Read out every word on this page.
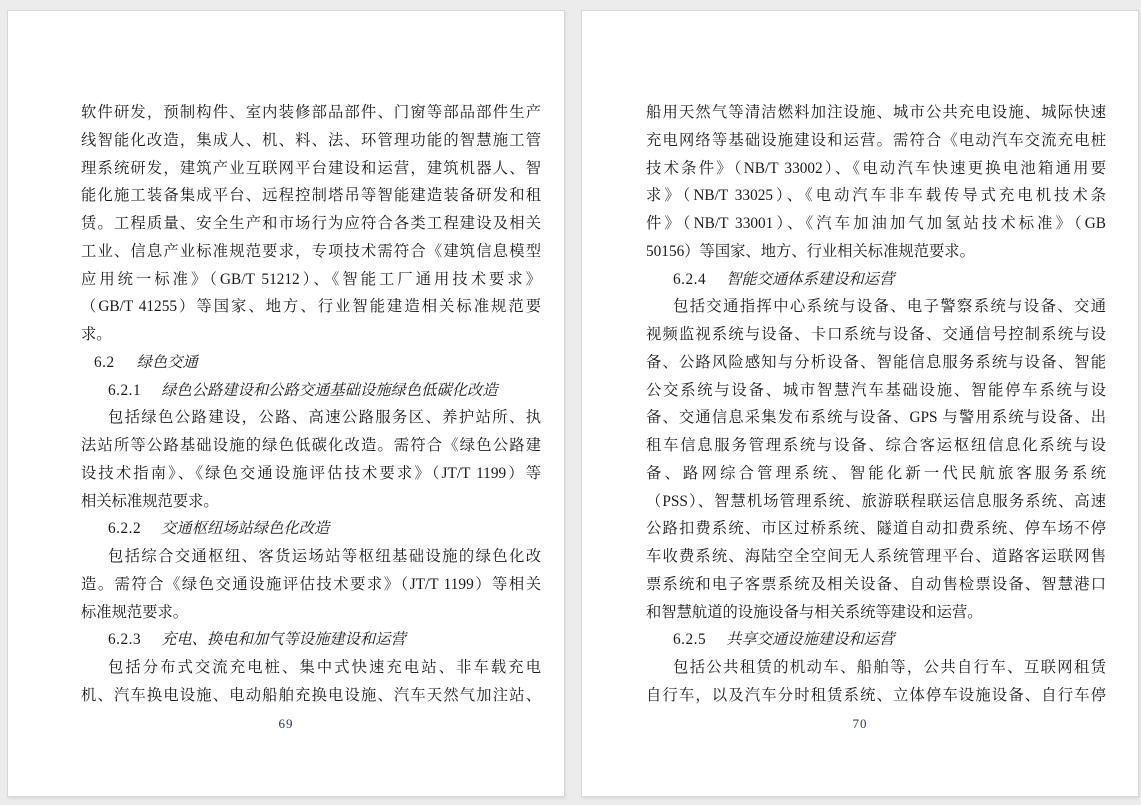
软件研发，预制构件、室内装修部品部件、门窗等部品部件生产
线智能化改造，集成人、机、料、法、环管理功能的智慧施工管
理系统研发，建筑产业互联网平台建设和运营，建筑机器人、智
能化施工装备集成平台、远程控制塔吊等智能建造装备研发和租
赁。工程质量、安全生产和市场行为应符合各类工程建设及相关
工业、信息产业标准规范要求，专项技术需符合《建筑信息模型
应用统一标准》（GB/T 51212）、《智能工厂通用技术要求》
（GB/T 41255）等国家、地方、行业智能建造相关标准规范要
求。
6.2 绿色交通
6.2.1 绿色公路建设和公路交通基础设施绿色低碳化改造
包括绿色公路建设，公路、高速公路服务区、养护站所、执
法站所等公路基础设施的绿色低碳化改造。需符合《绿色公路建
设技术指南》、《绿色交通设施评估技术要求》（JT/T 1199）等
相关标准规范要求。
6.2.2 交通枢纽场站绿色化改造
包括综合交通枢纽、客货运场站等枢纽基础设施的绿色化改
造。需符合《绿色交通设施评估技术要求》（JT/T 1199）等相关
标准规范要求。
6.2.3 充电、换电和加气等设施建设和运营
包括分布式交流充电桩、集中式快速充电站、非车载充电
机、汽车换电设施、电动船舶充换电设施、汽车天然气加注站、
69
船用天然气等清洁燃料加注设施、城市公共充电设施、城际快速
充电网络等基础设施建设和运营。需符合《电动汽车交流充电桩
技术条件》（NB/T 33002）、《电动汽车快速更换电池箱通用要
求》（NB/T 33025）、《电动汽车非车载传导式充电机技术条
件》（NB/T 33001）、《汽车加油加气加氢站技术标准》（GB
50156）等国家、地方、行业相关标准规范要求。
6.2.4 智能交通体系建设和运营
包括交通指挥中心系统与设备、电子警察系统与设备、交通
视频监视系统与设备、卡口系统与设备、交通信号控制系统与设
备、公路风险感知与分析设备、智能信息服务系统与设备、智能
公交系统与设备、城市智慧汽车基础设施、智能停车系统与设
备、交通信息采集发布系统与设备、GPS 与警用系统与设备、出
租车信息服务管理系统与设备、综合客运枢纽信息化系统与设
备、路网综合管理系统、智能化新一代民航旅客服务系统
（PSS）、智慧机场管理系统、旅游联程联运信息服务系统、高速
公路扣费系统、市区过桥系统、隧道自动扣费系统、停车场不停
车收费系统、海陆空全空间无人系统管理平台、道路客运联网售
票系统和电子客票系统及相关设备、自动售检票设备、智慧港口
和智慧航道的设施设备与相关系统等建设和运营。
6.2.5 共享交通设施建设和运营
包括公共租赁的机动车、船舶等，公共自行车、互联网租赁
自行车，以及汽车分时租赁系统、立体停车设施设备、自行车停
70
